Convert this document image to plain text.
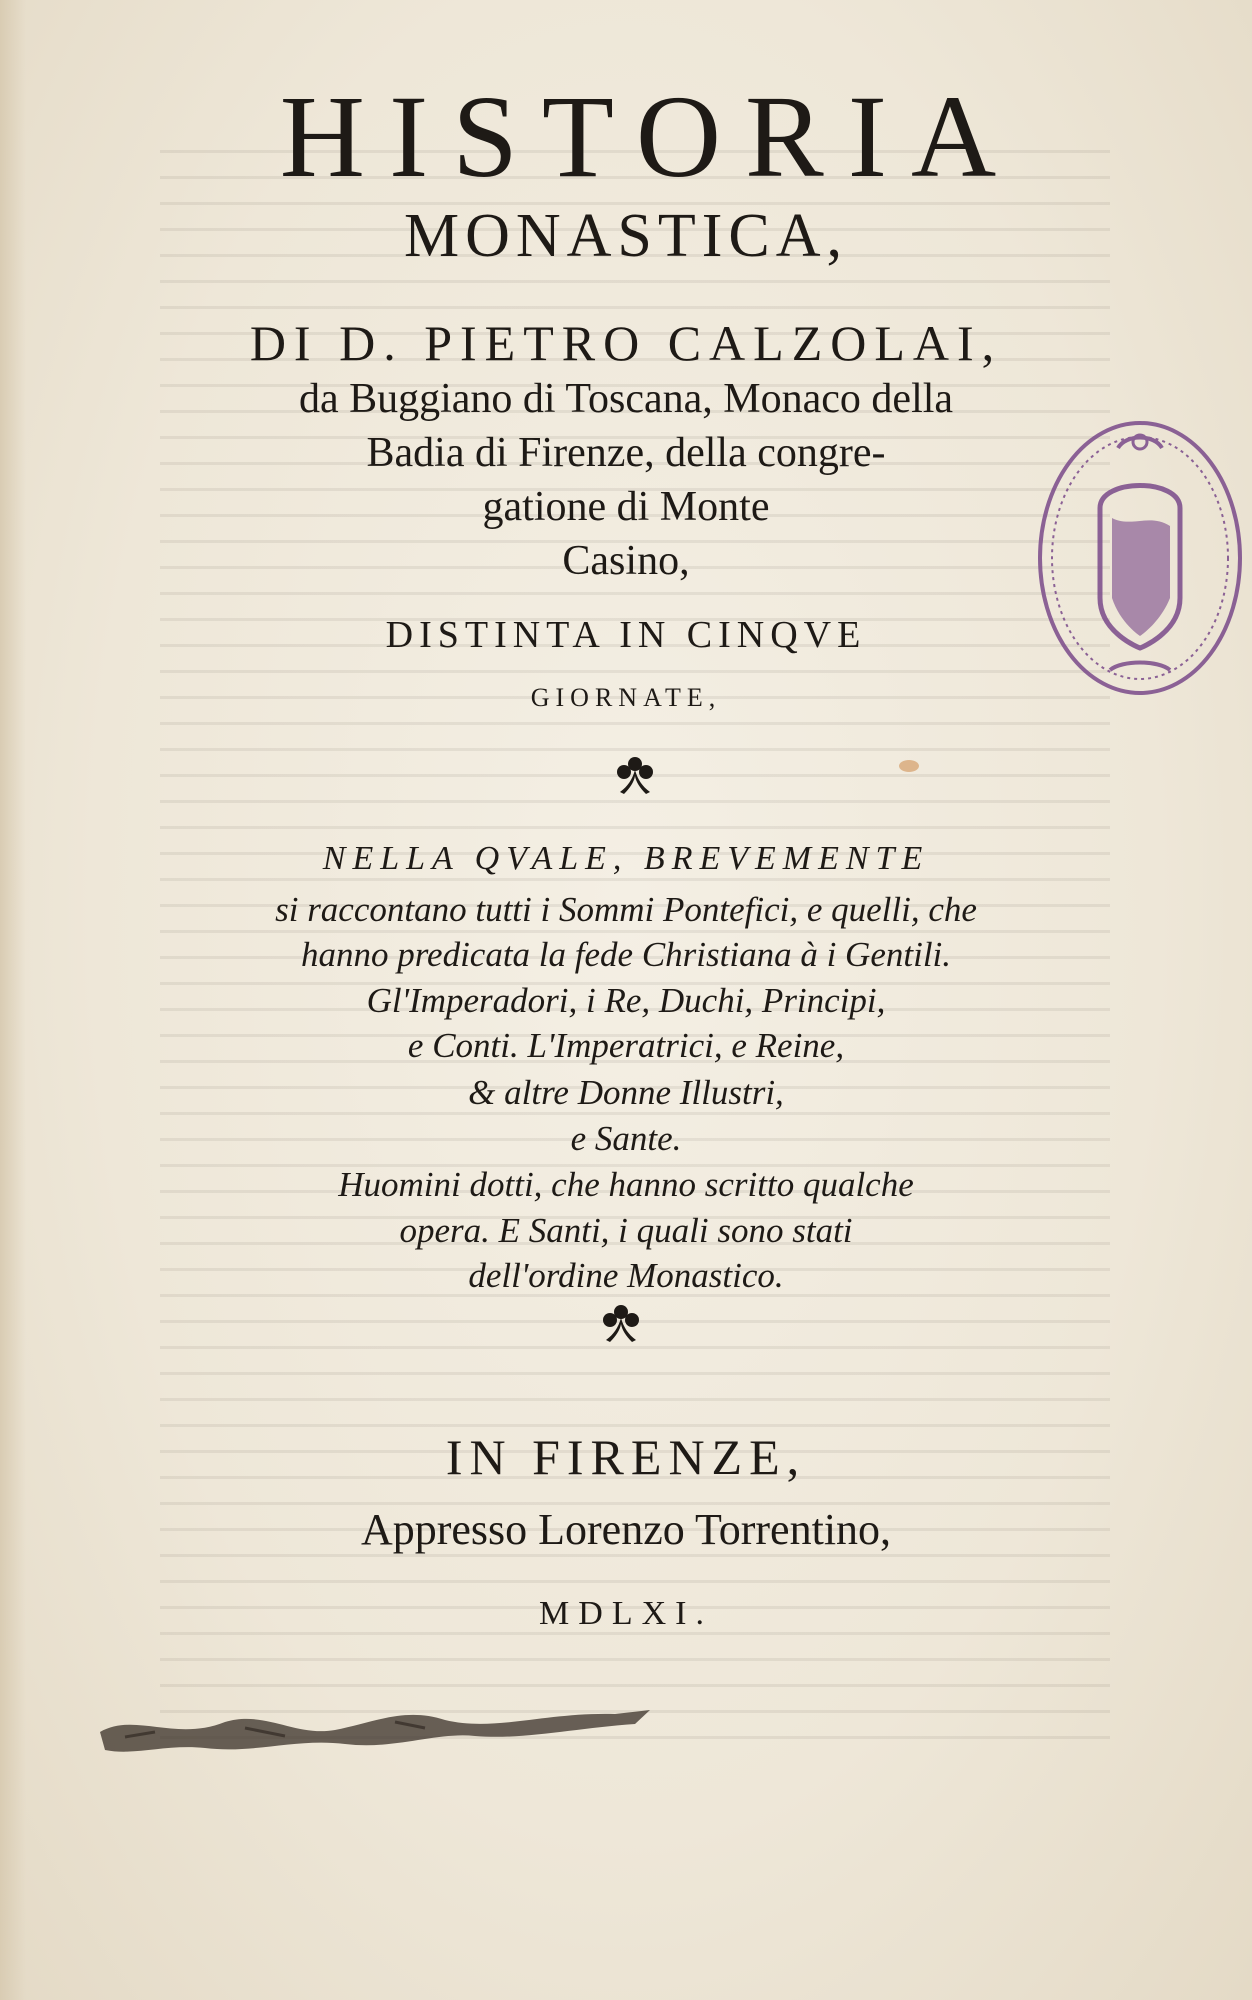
HISTORIA
MONASTICA,
DI D. PIETRO CALZOLAI,
da Buggiano di Toscana, Monaco della
Badia di Firenze, della congre-
gatione di Monte
Casino,
DISTINTA IN CINQVE
GIORNATE,
NELLA QVALE, BREVEMENTE
si raccontano tutti i Sommi Pontefici, e quelli, che
hanno predicata la fede Christiana à i Gentili.
Gl'Imperadori, i Re, Duchi, Principi,
e Conti. L'Imperatrici, e Reine,
& altre Donne Illustri,
e Sante.
Huomini dotti, che hanno scritto qualche
opera. E Santi, i quali sono stati
dell'ordine Monastico.
IN FIRENZE,
Appresso Lorenzo Torrentino,
MDLXI.
